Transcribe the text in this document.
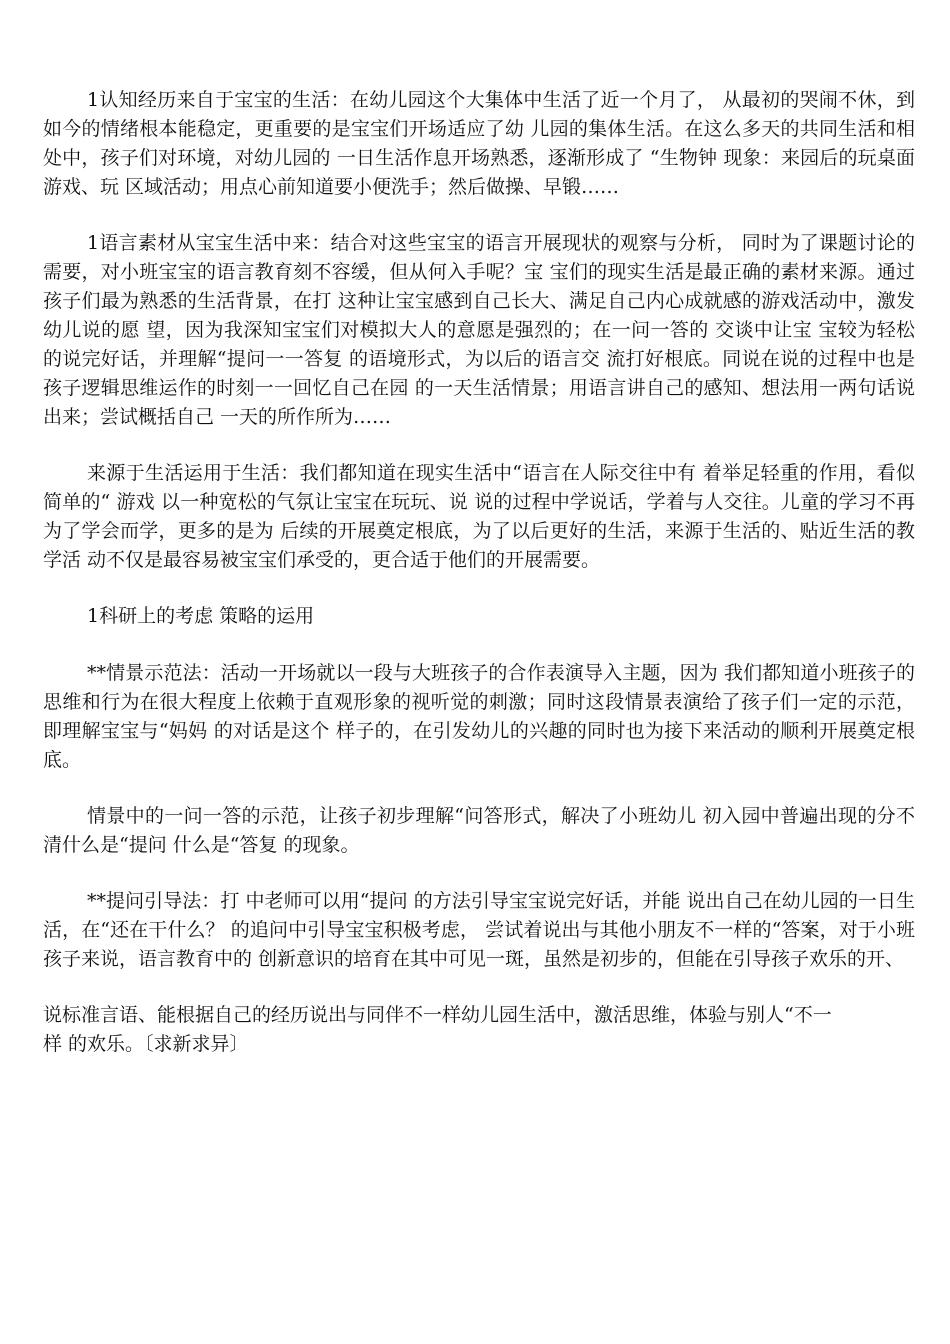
1认知经历来自于宝宝的生活：在幼儿园这个大集体中生活了近一个月了， 从最初的哭闹不休，到如今的情绪根本能稳定，更重要的是宝宝们开场适应了幼 儿园的集体生活。在这么多天的共同生活和相处中，孩子们对环境，对幼儿园的 一日生活作息开场熟悉，逐渐形成了 “生物钟 现象：来园后的玩桌面游戏、玩 区域活动；用点心前知道要小便洗手；然后做操、早锻……

1语言素材从宝宝生活中来：结合对这些宝宝的语言开展现状的观察与分析， 同时为了课题讨论的需要，对小班宝宝的语言教育刻不容缓，但从何入手呢？宝 宝们的现实生活是最正确的素材来源。通过孩子们最为熟悉的生活背景，在打 这种让宝宝感到自己长大、满足自己内心成就感的游戏活动中，激发幼儿说的愿 望，因为我深知宝宝们对模拟大人的意愿是强烈的；在一问一答的 交谈中让宝 宝较为轻松的说完好话，并理解“提问一一答复 的语境形式，为以后的语言交 流打好根底。同说在说的过程中也是孩子逻辑思维运作的时刻一一回忆自己在园 的一天生活情景；用语言讲自己的感知、想法用一两句话说出来；尝试概括自己 一天的所作所为……

来源于生活运用于生活：我们都知道在现实生活中“语言在人际交往中有 着举足轻重的作用，看似简单的“ 游戏 以一种宽松的气氛让宝宝在玩玩、说 说的过程中学说话，学着与人交往。儿童的学习不再为了学会而学，更多的是为 后续的开展奠定根底，为了以后更好的生活，来源于生活的、贴近生活的教学活 动不仅是最容易被宝宝们承受的，更合适于他们的开展需要。

1科研上的考虑 策略的运用

**情景示范法：活动一开场就以一段与大班孩子的合作表演导入主题，因为 我们都知道小班孩子的思维和行为在很大程度上依赖于直观形象的视听觉的刺激；同时这段情景表演给了孩子们一定的示范，即理解宝宝与“妈妈 的对话是这个 样子的，在引发幼儿的兴趣的同时也为接下来活动的顺利开展奠定根底。

情景中的一问一答的示范，让孩子初步理解“问答形式，解决了小班幼儿 初入园中普遍出现的分不清什么是“提问 什么是“答复 的现象。

**提问引导法：打 中老师可以用“提问 的方法引导宝宝说完好话，并能 说出自己在幼儿园的一日生活，在“还在干什么？ 的追问中引导宝宝积极考虑， 尝试着说出与其他小朋友不一样的“答案，对于小班孩子来说，语言教育中的 创新意识的培育在其中可见一斑，虽然是初步的，但能在引导孩子欢乐的开、

说标准言语、能根据自己的经历说出与同伴不一样幼儿园生活中，激活思维，体验与别人“不一样 的欢乐。〔求新求异〕
